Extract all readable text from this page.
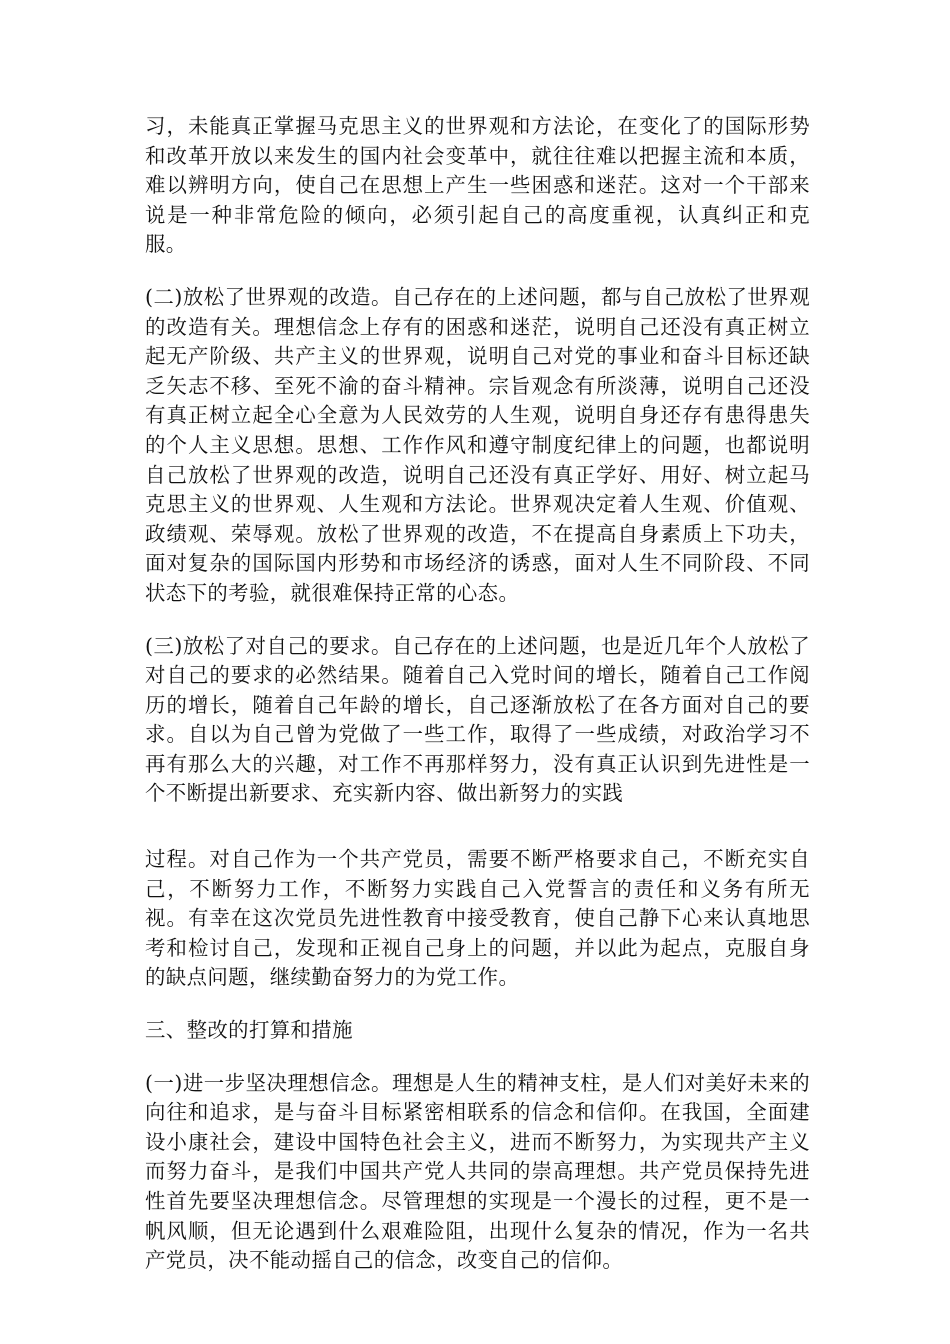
习，未能真正掌握马克思主义的世界观和方法论，在变化了的国际形势和改革开放以来发生的国内社会变革中，就往往难以把握主流和本质，难以辨明方向，使自己在思想上产生一些困惑和迷茫。这对一个干部来说是一种非常危险的倾向，必须引起自己的高度重视，认真纠正和克服。

(二)放松了世界观的改造。自己存在的上述问题，都与自己放松了世界观的改造有关。理想信念上存有的困惑和迷茫，说明自己还没有真正树立起无产阶级、共产主义的世界观，说明自己对党的事业和奋斗目标还缺乏矢志不移、至死不渝的奋斗精神。宗旨观念有所淡薄，说明自己还没有真正树立起全心全意为人民效劳的人生观，说明自身还存有患得患失的个人主义思想。思想、工作作风和遵守制度纪律上的问题，也都说明自己放松了世界观的改造，说明自己还没有真正学好、用好、树立起马克思主义的世界观、人生观和方法论。世界观决定着人生观、价值观、政绩观、荣辱观。放松了世界观的改造，不在提高自身素质上下功夫，面对复杂的国际国内形势和市场经济的诱惑，面对人生不同阶段、不同状态下的考验，就很难保持正常的心态。

(三)放松了对自己的要求。自己存在的上述问题，也是近几年个人放松了对自己的要求的必然结果。随着自己入党时间的增长，随着自己工作阅历的增长，随着自己年龄的增长，自己逐渐放松了在各方面对自己的要求。自以为自己曾为党做了一些工作，取得了一些成绩，对政治学习不再有那么大的兴趣，对工作不再那样努力，没有真正认识到先进性是一个不断提出新要求、充实新内容、做出新努力的实践

过程。对自己作为一个共产党员，需要不断严格要求自己，不断充实自己，不断努力工作，不断努力实践自己入党誓言的责任和义务有所无视。有幸在这次党员先进性教育中接受教育，使自己静下心来认真地思考和检讨自己，发现和正视自己身上的问题，并以此为起点，克服自身的缺点问题，继续勤奋努力的为党工作。

三、整改的打算和措施

(一)进一步坚决理想信念。理想是人生的精神支柱，是人们对美好未来的向往和追求，是与奋斗目标紧密相联系的信念和信仰。在我国，全面建设小康社会，建设中国特色社会主义，进而不断努力，为实现共产主义而努力奋斗，是我们中国共产党人共同的崇高理想。共产党员保持先进性首先要坚决理想信念。尽管理想的实现是一个漫长的过程，更不是一帆风顺，但无论遇到什么艰难险阻，出现什么复杂的情况，作为一名共产党员，决不能动摇自己的信念，改变自己的信仰。
